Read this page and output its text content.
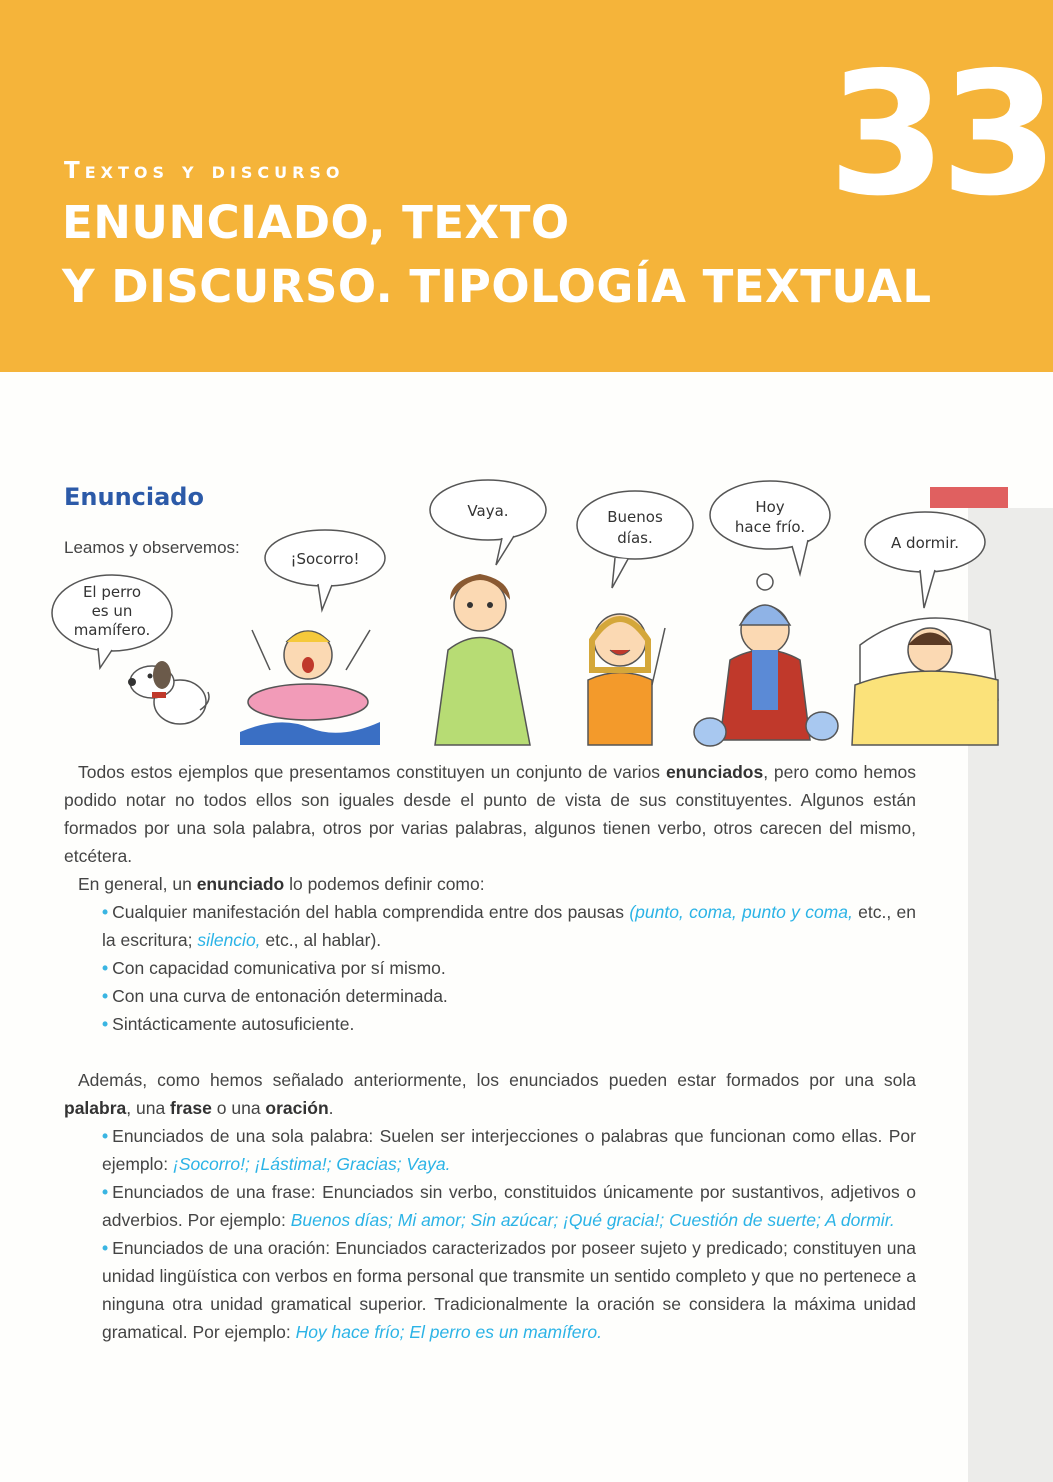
Textos y discurso
ENUNCIADO, TEXTO
Y DISCURSO. TIPOLOGÍA TEXTUAL
33
Enunciado
Leamos y observemos:
El perro
es un
mamífero.
¡Socorro!
Vaya.	Buenos
días.
Hoy
hace frío.
A dormir.

Todos estos ejemplos que presentamos constituyen un conjunto de varios enunciados, pero como hemos podido notar no todos ellos son iguales desde el punto de vista de sus constituyentes. Algunos están formados por una sola palabra, otros por varias palabras, algunos tienen verbo, otros carecen del mismo, etcétera.

En general, un enunciado lo podemos definir como:

• Cualquier manifestación del habla comprendida entre dos pausas (punto, coma, punto y coma, etc., en la escritura; silencio, etc., al hablar).
• Con capacidad comunicativa por sí mismo.
• Con una curva de entonación determinada.
• Sintácticamente autosuficiente.

Además, como hemos señalado anteriormente, los enunciados pueden estar formados por una sola palabra, una frase o una oración.

• Enunciados de una sola palabra: Suelen ser interjecciones o palabras que funcionan como ellas. Por ejemplo: ¡Socorro!; ¡Lástima!; Gracias; Vaya.
• Enunciados de una frase: Enunciados sin verbo, constituidos únicamente por sustantivos, adjetivos o adverbios. Por ejemplo: Buenos días; Mi amor; Sin azúcar; ¡Qué gracia!; Cuestión de suerte; A dormir.
• Enunciados de una oración: Enunciados caracterizados por poseer sujeto y predicado; constituyen una unidad lingüística con verbos en forma personal que transmite un sentido completo y que no pertenece a ninguna otra unidad gramatical superior. Tradicionalmente la oración se considera la máxima unidad gramatical. Por ejemplo: Hoy hace frío; El perro es un mamífero.
